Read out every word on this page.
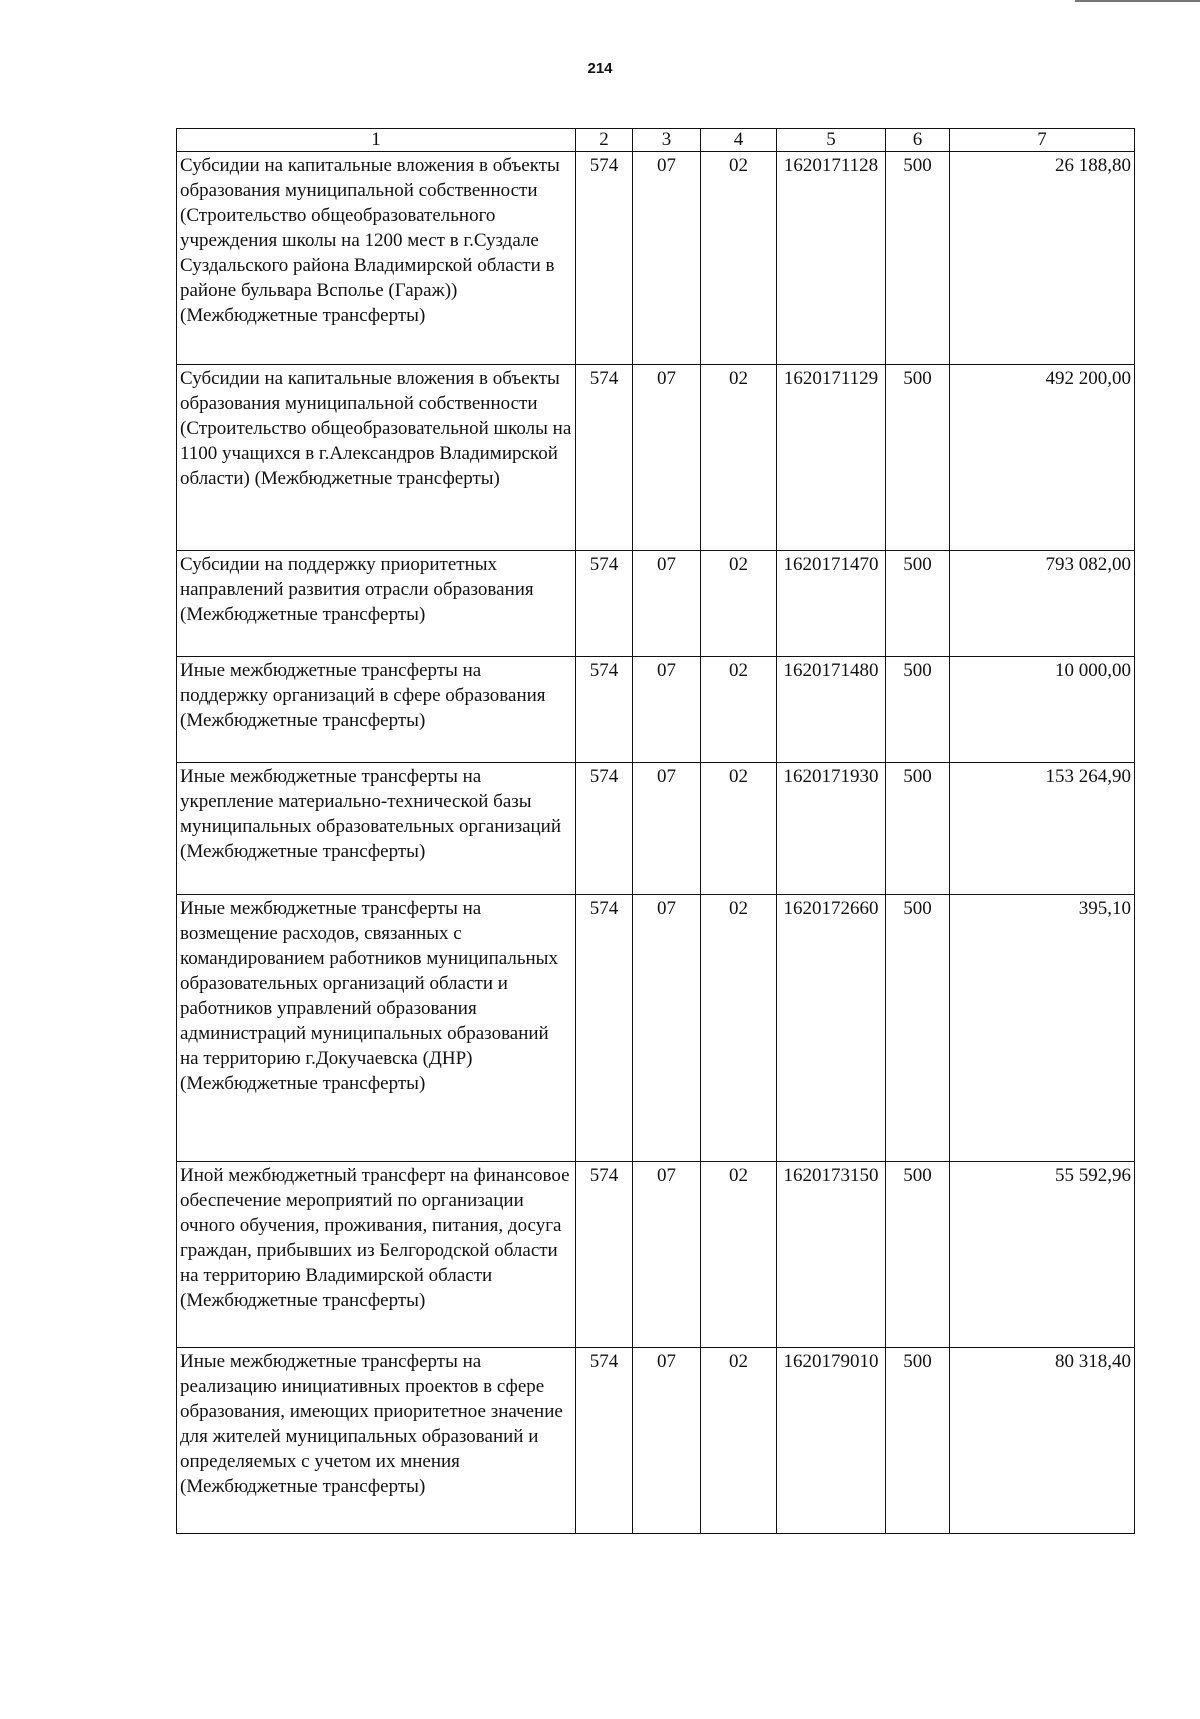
214
1	2	3	4	5	6	7
Субсидии на капитальные вложения в объекты образования муниципальной собственности (Строительство общеобразовательного учреждения школы на 1200 мест в г.Суздале Суздальского района Владимирской области в районе бульвара Всполье (Гараж)) (Межбюджетные трансферты)	574	07	02	1620171128	500	26 188,80
Субсидии на капитальные вложения в объекты образования муниципальной собственности (Строительство общеобразовательной школы на 1100 учащихся в г.Александров Владимирской области) (Межбюджетные трансферты)	574	07	02	1620171129	500	492 200,00
Субсидии на поддержку приоритетных направлений развития отрасли образования (Межбюджетные трансферты)	574	07	02	1620171470	500	793 082,00
Иные межбюджетные трансферты на поддержку организаций в сфере образования (Межбюджетные трансферты)	574	07	02	1620171480	500	10 000,00
Иные межбюджетные трансферты на укрепление материально-технической базы муниципальных образовательных организаций (Межбюджетные трансферты)	574	07	02	1620171930	500	153 264,90
Иные межбюджетные трансферты на возмещение расходов, связанных с командированием работников муниципальных образовательных организаций области и работников управлений образования администраций муниципальных образований на территорию г.Докучаевска (ДНР) (Межбюджетные трансферты)	574	07	02	1620172660	500	395,10
Иной межбюджетный трансферт на финансовое обеспечение мероприятий по организации очного обучения, проживания, питания, досуга граждан, прибывших из Белгородской области на территорию Владимирской области (Межбюджетные трансферты)	574	07	02	1620173150	500	55 592,96
Иные межбюджетные трансферты на реализацию инициативных проектов в сфере образования, имеющих приоритетное значение для жителей муниципальных образований и определяемых с учетом их мнения (Межбюджетные трансферты)	574	07	02	1620179010	500	80 318,40
